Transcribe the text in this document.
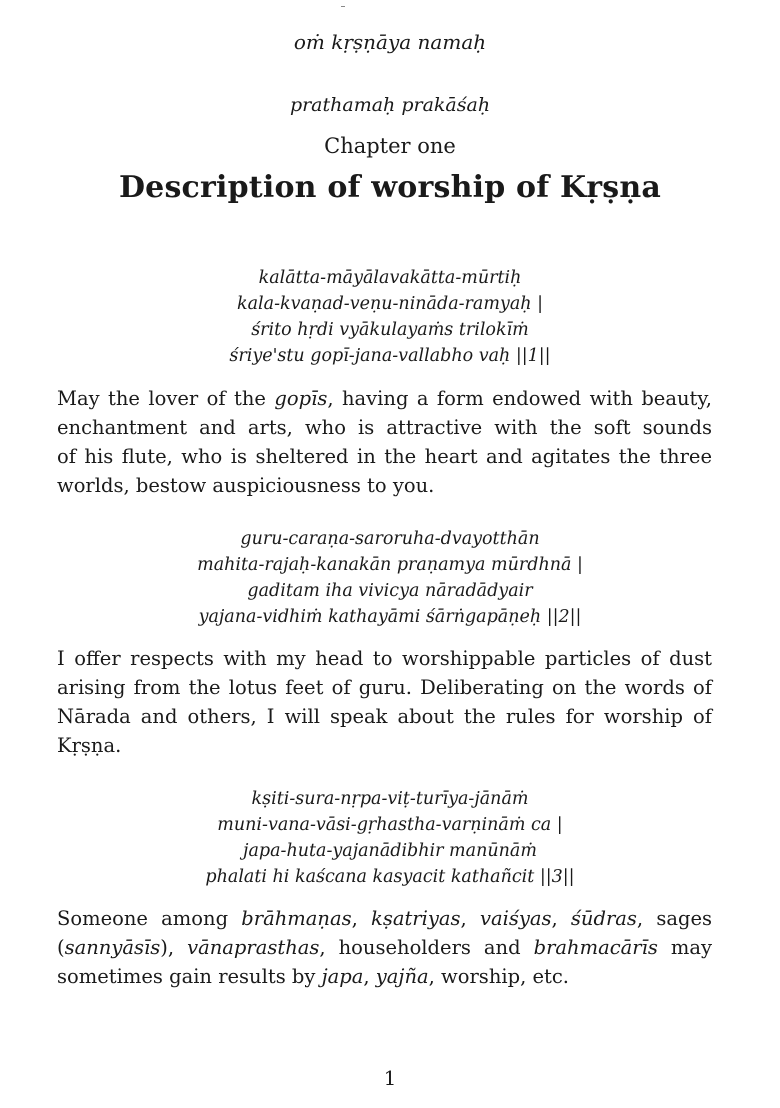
oṁ kṛṣṇāya namaḥ
prathamaḥ prakāśaḥ
Chapter one
Description of worship of Kṛṣṇa
kalātta-māyālavakātta-mūrtiḥ
kala-kvaṇad-veṇu-ninādа-ramyaḥ |
śrito hṛdi vyākulayaṁs trilokīṁ
śriye'stu gopī-jana-vallabho vaḥ ||1||
May the lover of the gopīs, having a form endowed with beauty,
enchantment and arts, who is attractive with the soft sounds
of his flute, who is sheltered in the heart and agitates the three
worlds, bestow auspiciousness to you.
guru-caraṇa-saroruha-dvayotthān
mahita-rajaḥ-kanakān praṇamya mūrdhnā |
gaditam iha vivicya nāradādyair
yajana-vidhiṁ kathayāmi śārṅgapāṇeḥ ||2||
I offer respects with my head to worshippable particles of dust
arising from the lotus feet of guru. Deliberating on the words of
Nārada and others, I will speak about the rules for worship of
Kṛṣṇa.
kṣiti-sura-nṛpa-viṭ-turīya-jānāṁ
muni-vana-vāsi-gṛhastha-varṇināṁ ca |
japa-huta-yajanādibhir manūnāṁ
phalati hi kaścana kasyacit kathañcit ||3||
Someone among brāhmaṇas, kṣatriyas, vaiśyas, śūdras, sages
(sannyāsīs), vānaprasthas, householders and brahmacārīs may
sometimes gain results by japa, yajña, worship, etc.
1
